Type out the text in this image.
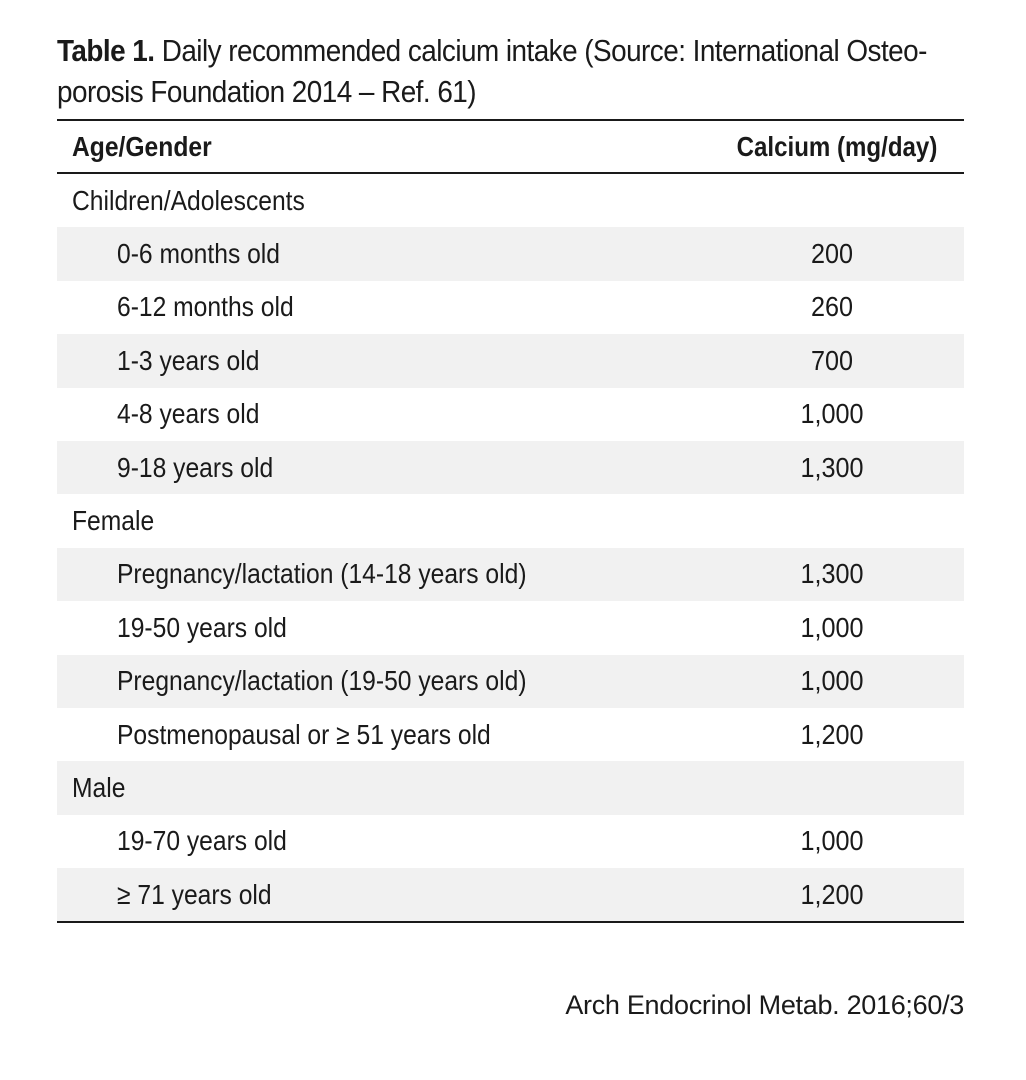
Table 1. Daily recommended calcium intake (Source: International Osteo-porosis Foundation 2014 – Ref. 61)
Age/Gender	Calcium (mg/day)
Children/Adolescents
0-6 months old	200
6-12 months old	260
1-3 years old	700
4-8 years old	1,000
9-18 years old	1,300
Female
Pregnancy/lactation (14-18 years old)	1,300
19-50 years old	1,000
Pregnancy/lactation (19-50 years old)	1,000
Postmenopausal or ≥ 51 years old	1,200
Male
19-70 years old	1,000
≥ 71 years old	1,200
Arch Endocrinol Metab. 2016;60/3
